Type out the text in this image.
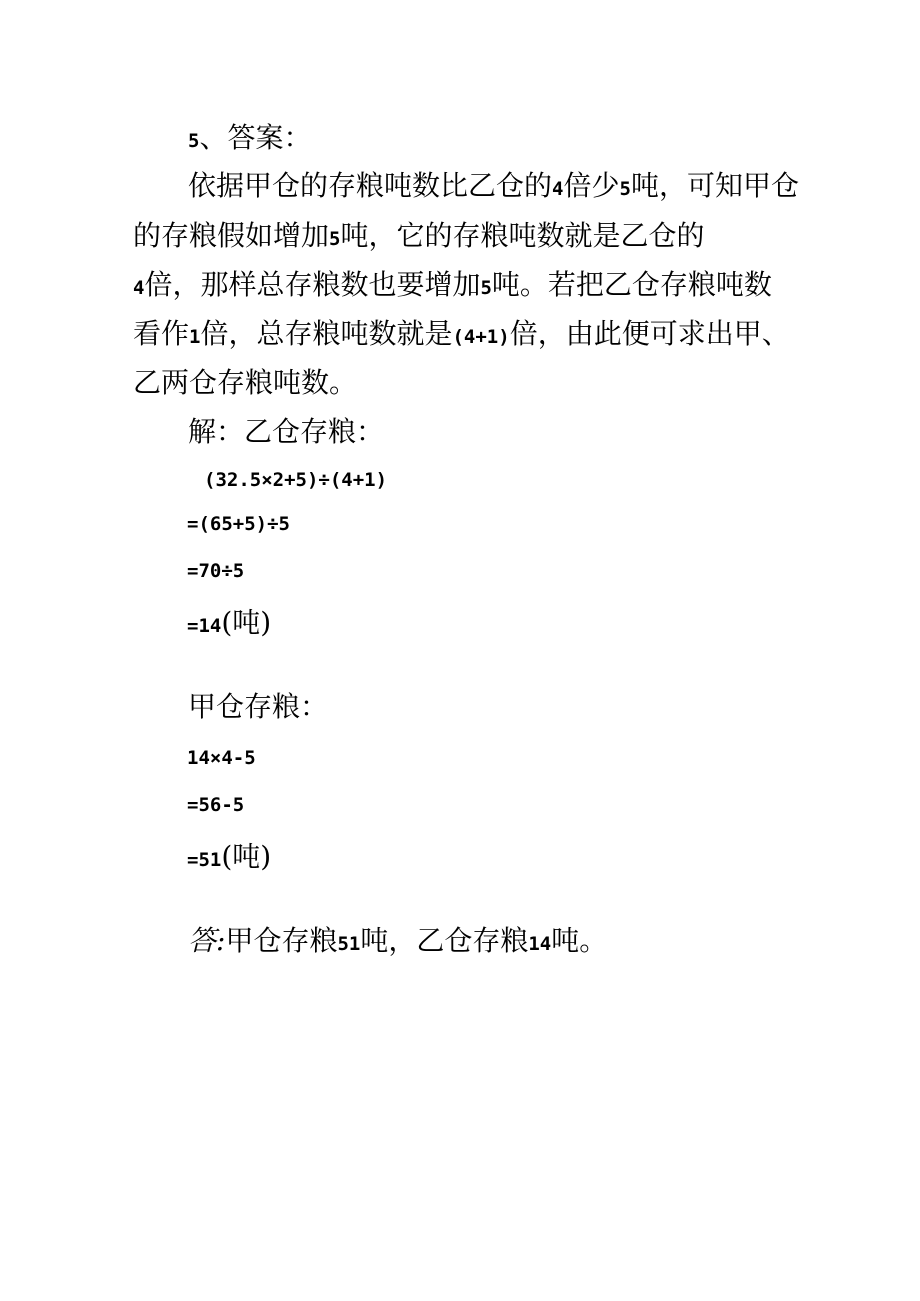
5、答案：
依据甲仓的存粮吨数比乙仓的4倍少5吨，可知甲仓
的存粮假如增加5吨，它的存粮吨数就是乙仓的
4倍，那样总存粮数也要增加5吨。若把乙仓存粮吨数
看作1倍，总存粮吨数就是(4+1)倍，由此便可求出甲、
乙两仓存粮吨数。
解：乙仓存粮：
(32.5×2+5)÷(4+1)
=(65+5)÷5
=70÷5
=14(吨)
甲仓存粮：
14×4-5
=56-5
=51(吨)
答:甲仓存粮51吨，乙仓存粮14吨。
